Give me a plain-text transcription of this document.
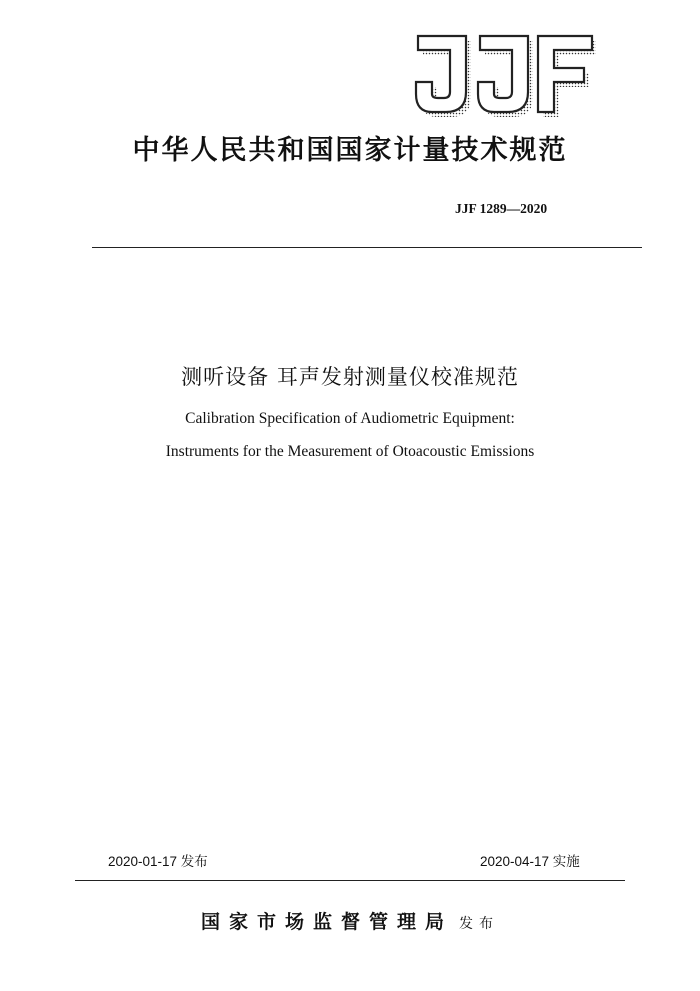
中华人民共和国国家计量技术规范
JJF 1289—2020
测听设备 耳声发射测量仪校准规范
Calibration Specification of Audiometric Equipment:
Instruments for the Measurement of Otoacoustic Emissions
2020-01-17 发布	2020-04-17 实施
国家市场监督管理局 发布
